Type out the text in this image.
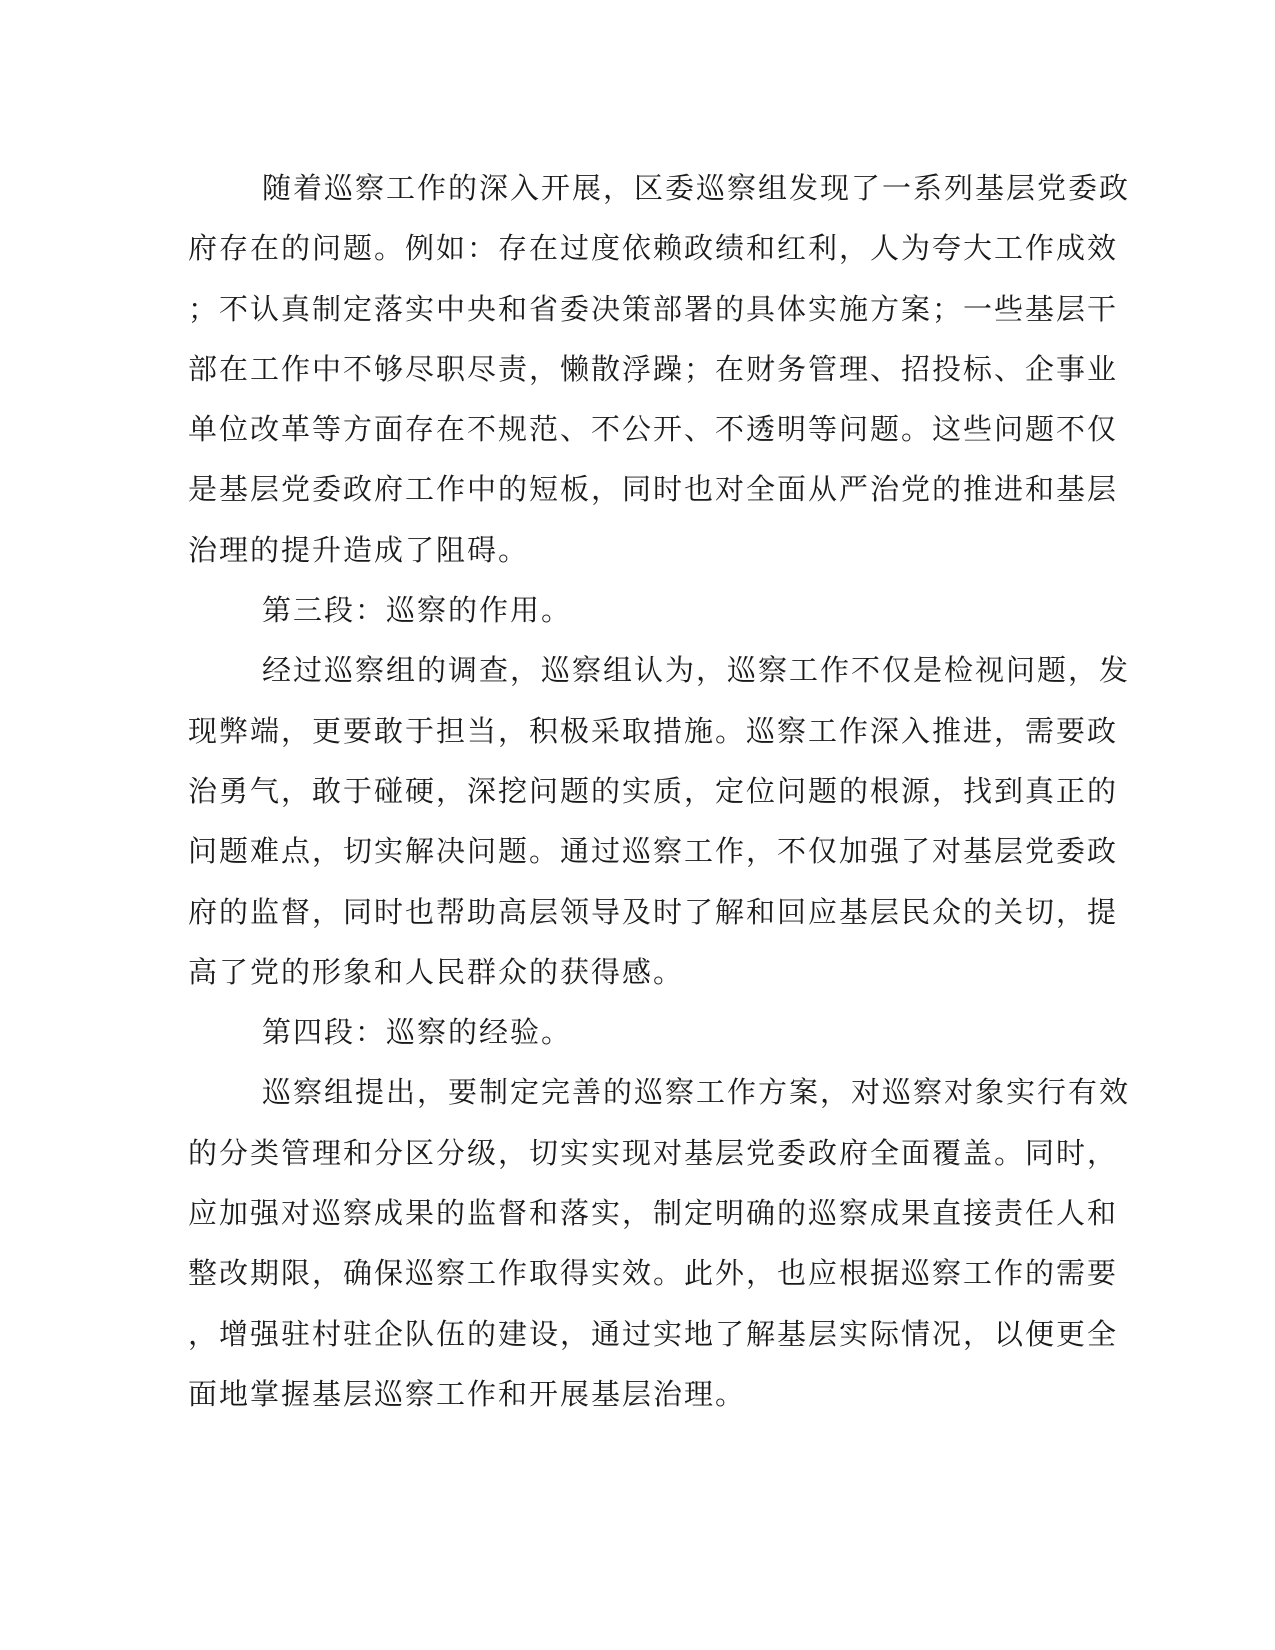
随着巡察工作的深入开展，区委巡察组发现了一系列基层党委政
府存在的问题。例如：存在过度依赖政绩和红利，人为夸大工作成效
；不认真制定落实中央和省委决策部署的具体实施方案；一些基层干
部在工作中不够尽职尽责，懒散浮躁；在财务管理、招投标、企事业
单位改革等方面存在不规范、不公开、不透明等问题。这些问题不仅
是基层党委政府工作中的短板，同时也对全面从严治党的推进和基层
治理的提升造成了阻碍。
第三段：巡察的作用。
经过巡察组的调查，巡察组认为，巡察工作不仅是检视问题，发
现弊端，更要敢于担当，积极采取措施。巡察工作深入推进，需要政
治勇气，敢于碰硬，深挖问题的实质，定位问题的根源，找到真正的
问题难点，切实解决问题。通过巡察工作，不仅加强了对基层党委政
府的监督，同时也帮助高层领导及时了解和回应基层民众的关切，提
高了党的形象和人民群众的获得感。
第四段：巡察的经验。
巡察组提出，要制定完善的巡察工作方案，对巡察对象实行有效
的分类管理和分区分级，切实实现对基层党委政府全面覆盖。同时，
应加强对巡察成果的监督和落实，制定明确的巡察成果直接责任人和
整改期限，确保巡察工作取得实效。此外，也应根据巡察工作的需要
，增强驻村驻企队伍的建设，通过实地了解基层实际情况，以便更全
面地掌握基层巡察工作和开展基层治理。
